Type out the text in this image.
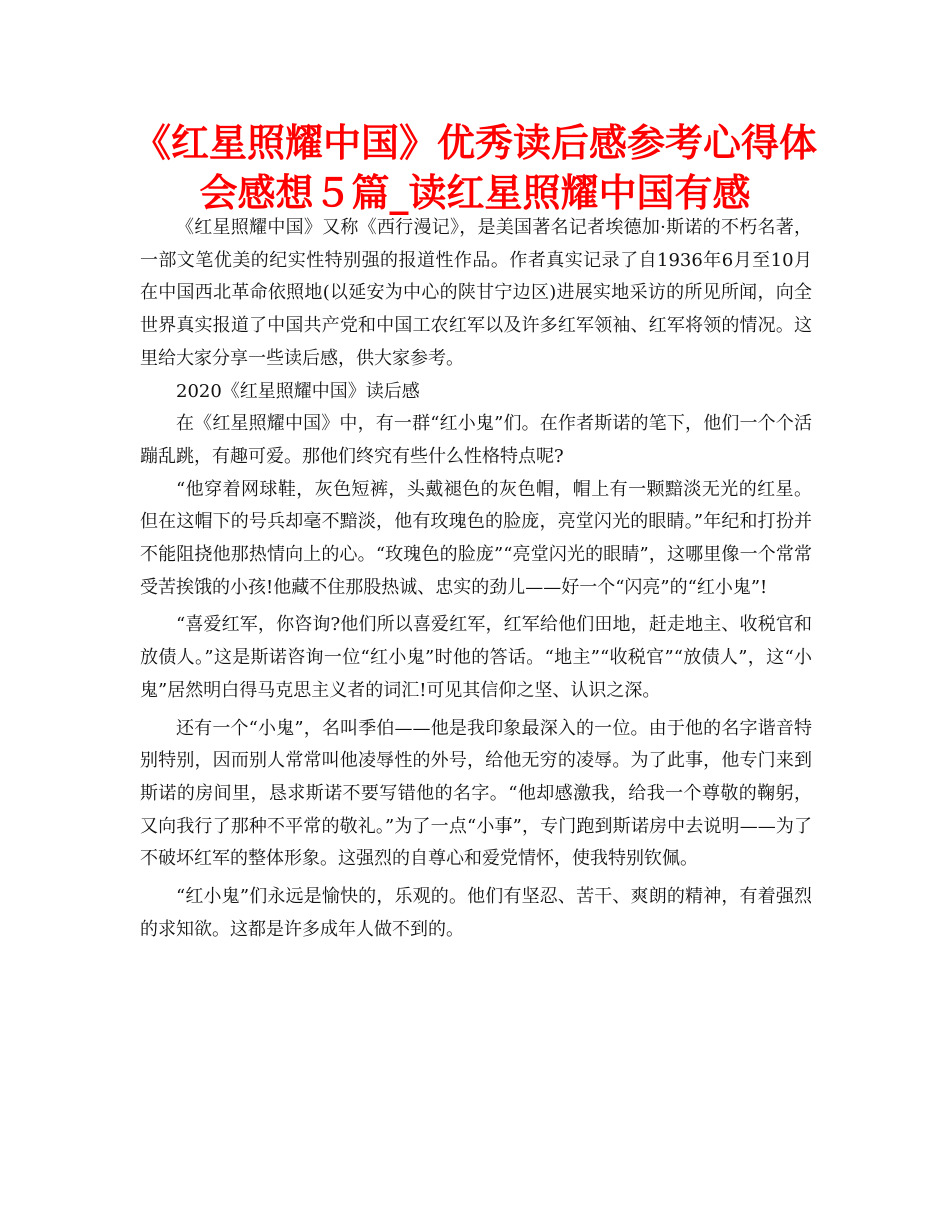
《红星照耀中国》优秀读后感参考心得体
会感想５篇_读红星照耀中国有感

《红星照耀中国》又称《西行漫记》，是美国著名记者埃德加·斯诺的不朽名著，一部文笔优美的纪实性特别强的报道性作品。作者真实记录了自1936年6月至10月在中国西北革命依照地(以延安为中心的陕甘宁边区)进展实地采访的所见所闻，向全世界真实报道了中国共产党和中国工农红军以及许多红军领袖、红军将领的情况。这里给大家分享一些读后感，供大家参考。

2020《红星照耀中国》读后感

在《红星照耀中国》中，有一群“红小鬼”们。在作者斯诺的笔下，他们一个个活蹦乱跳，有趣可爱。那他们终究有些什么性格特点呢?

“他穿着网球鞋，灰色短裤，头戴褪色的灰色帽，帽上有一颗黯淡无光的红星。但在这帽下的号兵却毫不黯淡，他有玫瑰色的脸庞，亮堂闪光的眼睛。”年纪和打扮并不能阻挠他那热情向上的心。“玫瑰色的脸庞”“亮堂闪光的眼睛”，这哪里像一个常常受苦挨饿的小孩!他藏不住那股热诚、忠实的劲儿——好一个“闪亮”的“红小鬼”!

“喜爱红军，你咨询?他们所以喜爱红军，红军给他们田地，赶走地主、收税官和放债人。”这是斯诺咨询一位“红小鬼”时他的答话。“地主”“收税官”“放债人”，这“小鬼”居然明白得马克思主义者的词汇!可见其信仰之坚、认识之深。

还有一个“小鬼”，名叫季伯——他是我印象最深入的一位。由于他的名字谐音特别特别，因而别人常常叫他凌辱性的外号，给他无穷的凌辱。为了此事，他专门来到斯诺的房间里，恳求斯诺不要写错他的名字。“他却感激我，给我一个尊敬的鞠躬，又向我行了那种不平常的敬礼。”为了一点“小事”，专门跑到斯诺房中去说明——为了不破坏红军的整体形象。这强烈的自尊心和爱党情怀，使我特别钦佩。

“红小鬼”们永远是愉快的，乐观的。他们有坚忍、苦干、爽朗的精神，有着强烈的求知欲。这都是许多成年人做不到的。
